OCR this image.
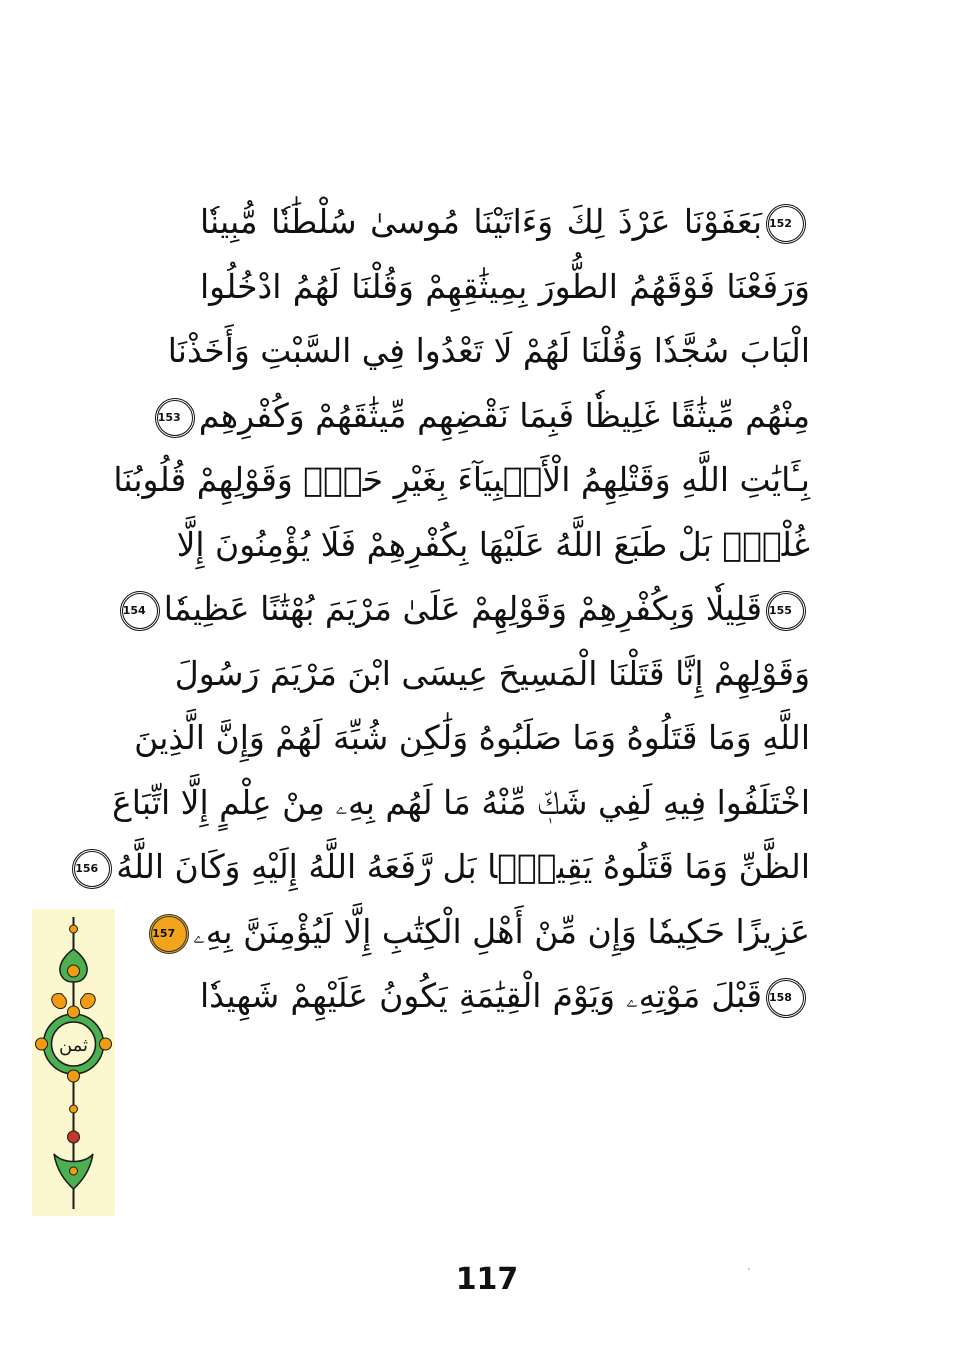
152بَعَفَوْنَا عَرْذَ لِكَ وَءَاتَيْنَا مُوسىٰ سُلْطَٰنٗا مُّبِينٗا
وَرَفَعْنَا فَوْقَهُمُ الطُّورَ بِمِيثَٰقِهِمْ وَقُلْنَا لَهُمُ ادْخُلُوا
الْبَابَ سُجَّدٗا وَقُلْنَا لَهُمْ لَا تَعْدُوا فِي السَّبْتِ وَأَخَذْنَا
مِنْهُم مِّيثَٰقًا غَلِيظٗا فَبِمَا نَقْضِهِم مِّيثَٰقَهُمْ وَكُفْرِهِم153
بِـَٔايَٰتِ اللَّهِ وَقَتْلِهِمُ الْأَنۢبِيَآءَ بِغَيْرِ حَقّٖ وَقَوْلِهِمْ قُلُوبُنَا
غُلْفٌۢ بَلْ طَبَعَ اللَّهُ عَلَيْهَا بِكُفْرِهِمْ فَلَا يُؤْمِنُونَ إِلَّا
155قَلِيلٗا وَبِكُفْرِهِمْ وَقَوْلِهِمْ عَلَىٰ مَرْيَمَ بُهْتَٰنًا عَظِيمٗا154
وَقَوْلِهِمْ إِنَّا قَتَلْنَا الْمَسِيحَ عِيسَى ابْنَ مَرْيَمَ رَسُولَ
اللَّهِ وَمَا قَتَلُوهُ وَمَا صَلَبُوهُ وَلَٰكِن شُبِّهَ لَهُمْ وَإِنَّ الَّذِينَ
اخْتَلَفُوا فِيهِ لَفِي شَكّٖ مِّنْهُ مَا لَهُم بِهِۦ مِنْ عِلْمٍ إِلَّا اتِّبَاعَ
الظَّنِّ وَمَا قَتَلُوهُ يَقِينَۢا بَل رَّفَعَهُ اللَّهُ إِلَيْهِ وَكَانَ اللَّهُ156
عَزِيزًا حَكِيمٗا وَإِن مِّنْ أَهْلِ الْكِتَٰبِ إِلَّا لَيُؤْمِنَنَّ بِهِۦ157
158قَبْلَ مَوْتِهِۦ وَيَوْمَ الْقِيَٰمَةِ يَكُونُ عَلَيْهِمْ شَهِيدٗا
ثمن
117
